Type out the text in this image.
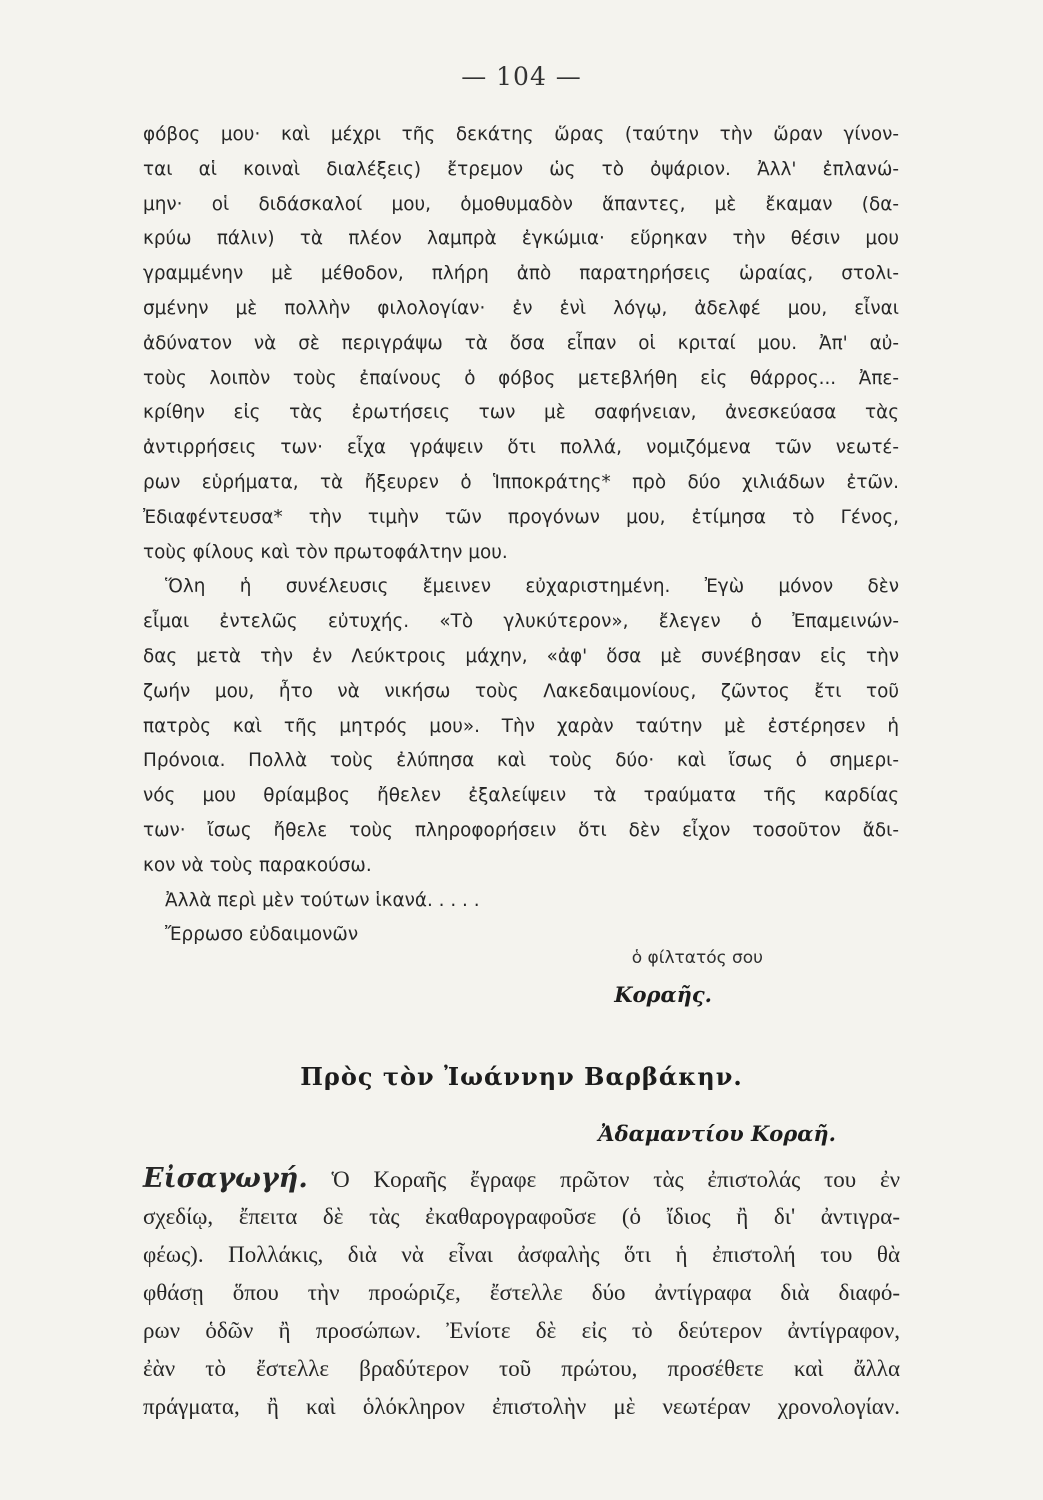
— 104 —
φόβος μου· καὶ μέχρι τῆς δεκάτης ὥρας (ταύτην τὴν ὥραν γίνον-
ται αἱ κοιναὶ διαλέξεις) ἔτρεμον ὡς τὸ ὀψάριον. Ἀλλ' ἐπλανώ-
μην· οἱ διδάσκαλοί μου, ὁμοθυμαδὸν ἅπαντες, μὲ ἔκαμαν (δα-
κρύω πάλιν) τὰ πλέον λαμπρὰ ἐγκώμια· εὕρηκαν τὴν θέσιν μου
γραμμένην μὲ μέθοδον, πλήρη ἀπὸ παρατηρήσεις ὡραίας, στολι-
σμένην μὲ πολλὴν φιλολογίαν· ἐν ἑνὶ λόγῳ, ἀδελφέ μου, εἶναι
ἀδύνατον νὰ σὲ περιγράψω τὰ ὅσα εἶπαν οἱ κριταί μου. Ἀπ' αὐ-
τοὺς λοιπὸν τοὺς ἐπαίνους ὁ φόβος μετεβλήθη εἰς θάρρος... Ἀπε-
κρίθην εἰς τὰς ἐρωτήσεις των μὲ σαφήνειαν, ἀνεσκεύασα τὰς
ἀντιρρήσεις των· εἶχα γράψειν ὅτι πολλά, νομιζόμενα τῶν νεωτέ-
ρων εὑρήματα, τὰ ἤξευρεν ὁ Ἱπποκράτης* πρὸ δύο χιλιάδων ἐτῶν.
Ἐδιαφέντευσα* τὴν τιμὴν τῶν προγόνων μου, ἐτίμησα τὸ Γένος,
τοὺς φίλους καὶ τὸν πρωτοφάλτην μου.
Ὅλη ἡ συνέλευσις ἔμεινεν εὐχαριστημένη. Ἐγὼ μόνον δὲν
εἶμαι ἐντελῶς εὐτυχής. «Τὸ γλυκύτερον», ἔλεγεν ὁ Ἐπαμεινών-
δας μετὰ τὴν ἐν Λεύκτροις μάχην, «ἀφ' ὅσα μὲ συνέβησαν εἰς τὴν
ζωήν μου, ἦτο νὰ νικήσω τοὺς Λακεδαιμονίους, ζῶντος ἔτι τοῦ
πατρὸς καὶ τῆς μητρός μου». Τὴν χαρὰν ταύτην μὲ ἐστέρησεν ἡ
Πρόνοια. Πολλὰ τοὺς ἐλύπησα καὶ τοὺς δύο· καὶ ἴσως ὁ σημερι-
νός μου θρίαμβος ἤθελεν ἐξαλείψειν τὰ τραύματα τῆς καρδίας
των· ἴσως ἤθελε τοὺς πληροφορήσειν ὅτι δὲν εἶχον τοσοῦτον ἄδι-
κον νὰ τοὺς παρακούσω.
Ἀλλὰ περὶ μὲν τούτων ἱκανά. . . . .
Ἔρρωσο εὐδαιμονῶν
ὁ φίλτατός σου
Κοραῆς.
Πρὸς τὸν Ἰωάννην Βαρβάκην.
Ἀδαμαντίου Κοραῆ.
Εἰσαγωγή. Ὁ Κοραῆς ἔγραφε πρῶτον τὰς ἐπιστολάς του ἐν
σχεδίῳ, ἔπειτα δὲ τὰς ἐκαθαρογραφοῦσε (ὁ ἴδιος ἢ δι' ἀντιγρα-
φέως). Πολλάκις, διὰ νὰ εἶναι ἀσφαλὴς ὅτι ἡ ἐπιστολή του θὰ
φθάσῃ ὅπου τὴν προώριζε, ἔστελλε δύο ἀντίγραφα διὰ διαφό-
ρων ὁδῶν ἢ προσώπων. Ἐνίοτε δὲ εἰς τὸ δεύτερον ἀντίγραφον,
ἐὰν τὸ ἔστελλε βραδύτερον τοῦ πρώτου, προσέθετε καὶ ἄλλα
πράγματα, ἢ καὶ ὁλόκληρον ἐπιστολὴν μὲ νεωτέραν χρονολογίαν.
